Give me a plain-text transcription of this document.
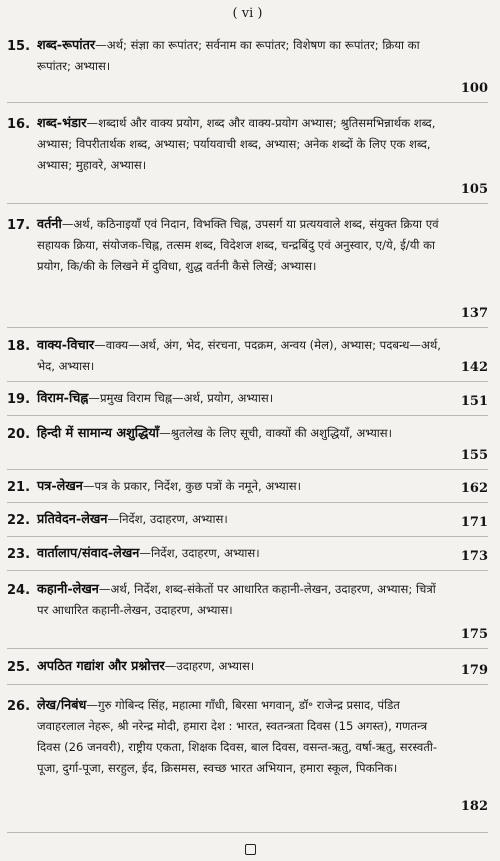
( vi )
15. शब्द-रूपांतर—अर्थ; संज्ञा का रूपांतर; सर्वनाम का रूपांतर; विशेषण का रूपांतर; क्रिया का रूपांतर; अभ्यास।
100
16. शब्द-भंडार—शब्दार्थ और वाक्य प्रयोग, शब्द और वाक्य-प्रयोग अभ्यास; श्रुतिसमभिन्नार्थक शब्द, अभ्यास; विपरीतार्थक शब्द, अभ्यास; पर्यायवाची शब्द, अभ्यास; अनेक शब्दों के लिए एक शब्द, अभ्यास; मुहावरे, अभ्यास।
105
17. वर्तनी—अर्थ, कठिनाइयाँ एवं निदान, विभक्ति चिह्न, उपसर्ग या प्रत्ययवाले शब्द, संयुक्त क्रिया एवं सहायक क्रिया, संयोजक-चिह्न, तत्सम शब्द, विदेशज शब्द, चन्द्रबिंदु एवं अनुस्वार, ए/ये, ई/यी का प्रयोग, कि/की के लिखने में दुविधा, शुद्ध वर्तनी कैसे लिखें; अभ्यास।
137
18. वाक्य-विचार—वाक्य—अर्थ, अंग, भेद, संरचना, पदक्रम, अन्वय (मेल), अभ्यास; पदबन्ध—अर्थ, भेद, अभ्यास।	142
19. विराम-चिह्न—प्रमुख विराम चिह्न—अर्थ, प्रयोग, अभ्यास।	151
20. हिन्दी में सामान्य अशुद्धियाँ—श्रुतलेख के लिए सूची, वाक्यों की अशुद्धियाँ, अभ्यास।
155
21. पत्र-लेखन—पत्र के प्रकार, निर्देश, कुछ पत्रों के नमूने, अभ्यास।	162
22. प्रतिवेदन-लेखन—निर्देश, उदाहरण, अभ्यास।	171
23. वार्तालाप/संवाद-लेखन—निर्देश, उदाहरण, अभ्यास।	173
24. कहानी-लेखन—अर्थ, निर्देश, शब्द-संकेतों पर आधारित कहानी-लेखन, उदाहरण, अभ्यास; चित्रों पर आधारित कहानी-लेखन, उदाहरण, अभ्यास।
175
25. अपठित गद्यांश और प्रश्नोत्तर—उदाहरण, अभ्यास।	179
26. लेख/निबंध—गुरु गोबिन्द सिंह, महात्मा गाँधी, बिरसा भगवान्, डॉ॰ राजेन्द्र प्रसाद, पंडित जवाहरलाल नेहरू, श्री नरेन्द्र मोदी, हमारा देश : भारत, स्वतन्त्रता दिवस (15 अगस्त), गणतन्त्र दिवस (26 जनवरी), राष्ट्रीय एकता, शिक्षक दिवस, बाल दिवस, वसन्त-ऋतु, वर्षा-ऋतु, सरस्वती-पूजा, दुर्गा-पूजा, सरहुल, ईद, क्रिसमस, स्वच्छ भारत अभियान, हमारा स्कूल, पिकनिक।
182
